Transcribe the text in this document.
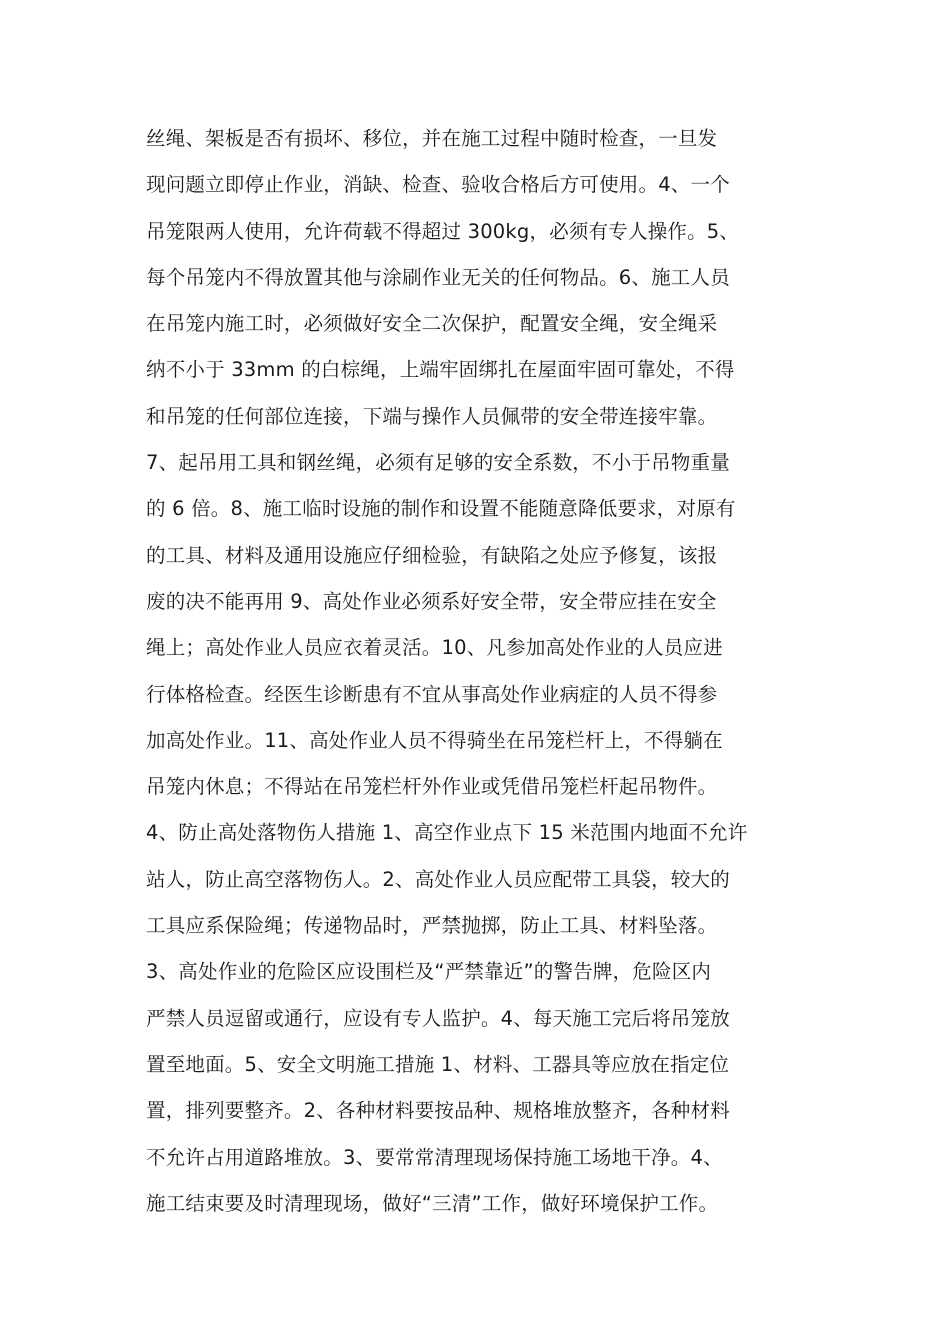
丝绳、架板是否有损坏、移位，并在施工过程中随时检查，一旦发
现问题立即停止作业，消缺、检查、验收合格后方可使用。4、一个
吊笼限两人使用，允许荷载不得超过 300kg，必须有专人操作。5、
每个吊笼内不得放置其他与涂刷作业无关的任何物品。6、施工人员
在吊笼内施工时，必须做好安全二次保护，配置安全绳，安全绳采
纳不小于 33mm 的白棕绳，上端牢固绑扎在屋面牢固可靠处，不得
和吊笼的任何部位连接，下端与操作人员佩带的安全带连接牢靠。
7、起吊用工具和钢丝绳，必须有足够的安全系数，不小于吊物重量
的 6 倍。8、施工临时设施的制作和设置不能随意降低要求，对原有
的工具、材料及通用设施应仔细检验，有缺陷之处应予修复，该报
废的决不能再用 9、高处作业必须系好安全带，安全带应挂在安全
绳上；高处作业人员应衣着灵活。10、凡参加高处作业的人员应进
行体格检查。经医生诊断患有不宜从事高处作业病症的人员不得参
加高处作业。11、高处作业人员不得骑坐在吊笼栏杆上，不得躺在
吊笼内休息；不得站在吊笼栏杆外作业或凭借吊笼栏杆起吊物件。
4、防止高处落物伤人措施 1、高空作业点下 15 米范围内地面不允许
站人，防止高空落物伤人。2、高处作业人员应配带工具袋，较大的
工具应系保险绳；传递物品时，严禁抛掷，防止工具、材料坠落。
3、高处作业的危险区应设围栏及“严禁靠近”的警告牌，危险区内
严禁人员逗留或通行，应设有专人监护。4、每天施工完后将吊笼放
置至地面。5、安全文明施工措施 1、材料、工器具等应放在指定位
置，排列要整齐。2、各种材料要按品种、规格堆放整齐，各种材料
不允许占用道路堆放。3、要常常清理现场保持施工场地干净。4、
施工结束要及时清理现场，做好“三清”工作，做好环境保护工作。
